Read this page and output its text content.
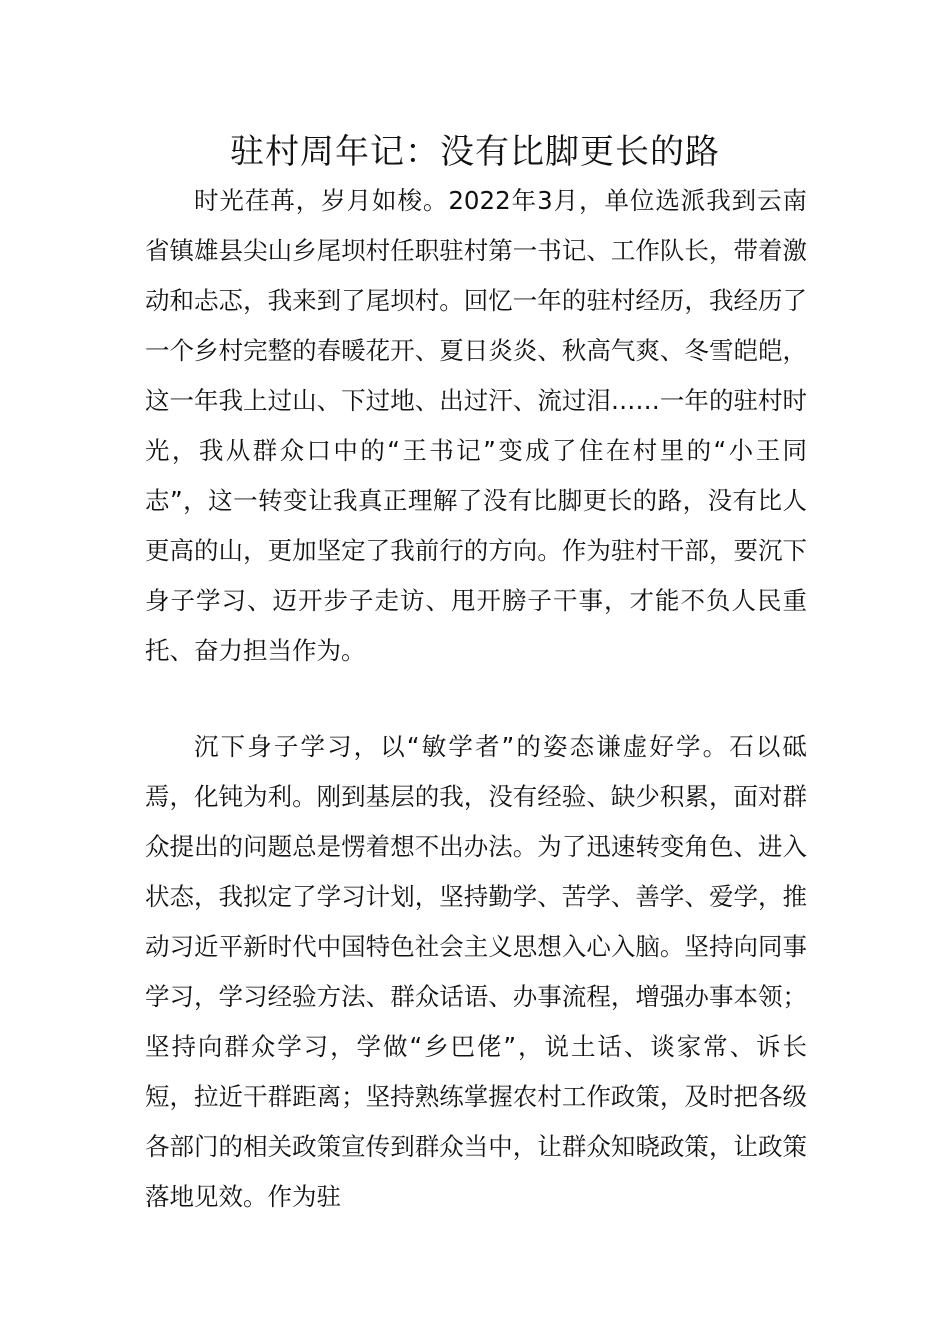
驻村周年记：没有比脚更长的路

时光荏苒，岁月如梭。2022年3月，单位选派我到云南省镇雄县尖山乡尾坝村任职驻村第一书记、工作队长，带着激动和忐忑，我来到了尾坝村。回忆一年的驻村经历，我经历了一个乡村完整的春暖花开、夏日炎炎、秋高气爽、冬雪皑皑，这一年我上过山、下过地、出过汗、流过泪……一年的驻村时光，我从群众口中的“王书记”变成了住在村里的“小王同志”，这一转变让我真正理解了没有比脚更长的路，没有比人更高的山，更加坚定了我前行的方向。作为驻村干部，要沉下身子学习、迈开步子走访、甩开膀子干事，才能不负人民重托、奋力担当作为。

沉下身子学习，以“敏学者”的姿态谦虚好学。石以砥焉，化钝为利。刚到基层的我，没有经验、缺少积累，面对群众提出的问题总是愣着想不出办法。为了迅速转变角色、进入状态，我拟定了学习计划，坚持勤学、苦学、善学、爱学，推动习近平新时代中国特色社会主义思想入心入脑。坚持向同事学习，学习经验方法、群众话语、办事流程，增强办事本领；坚持向群众学习，学做“乡巴佬”，说土话、谈家常、诉长短，拉近干群距离；坚持熟练掌握农村工作政策，及时把各级各部门的相关政策宣传到群众当中，让群众知晓政策，让政策落地见效。作为驻
